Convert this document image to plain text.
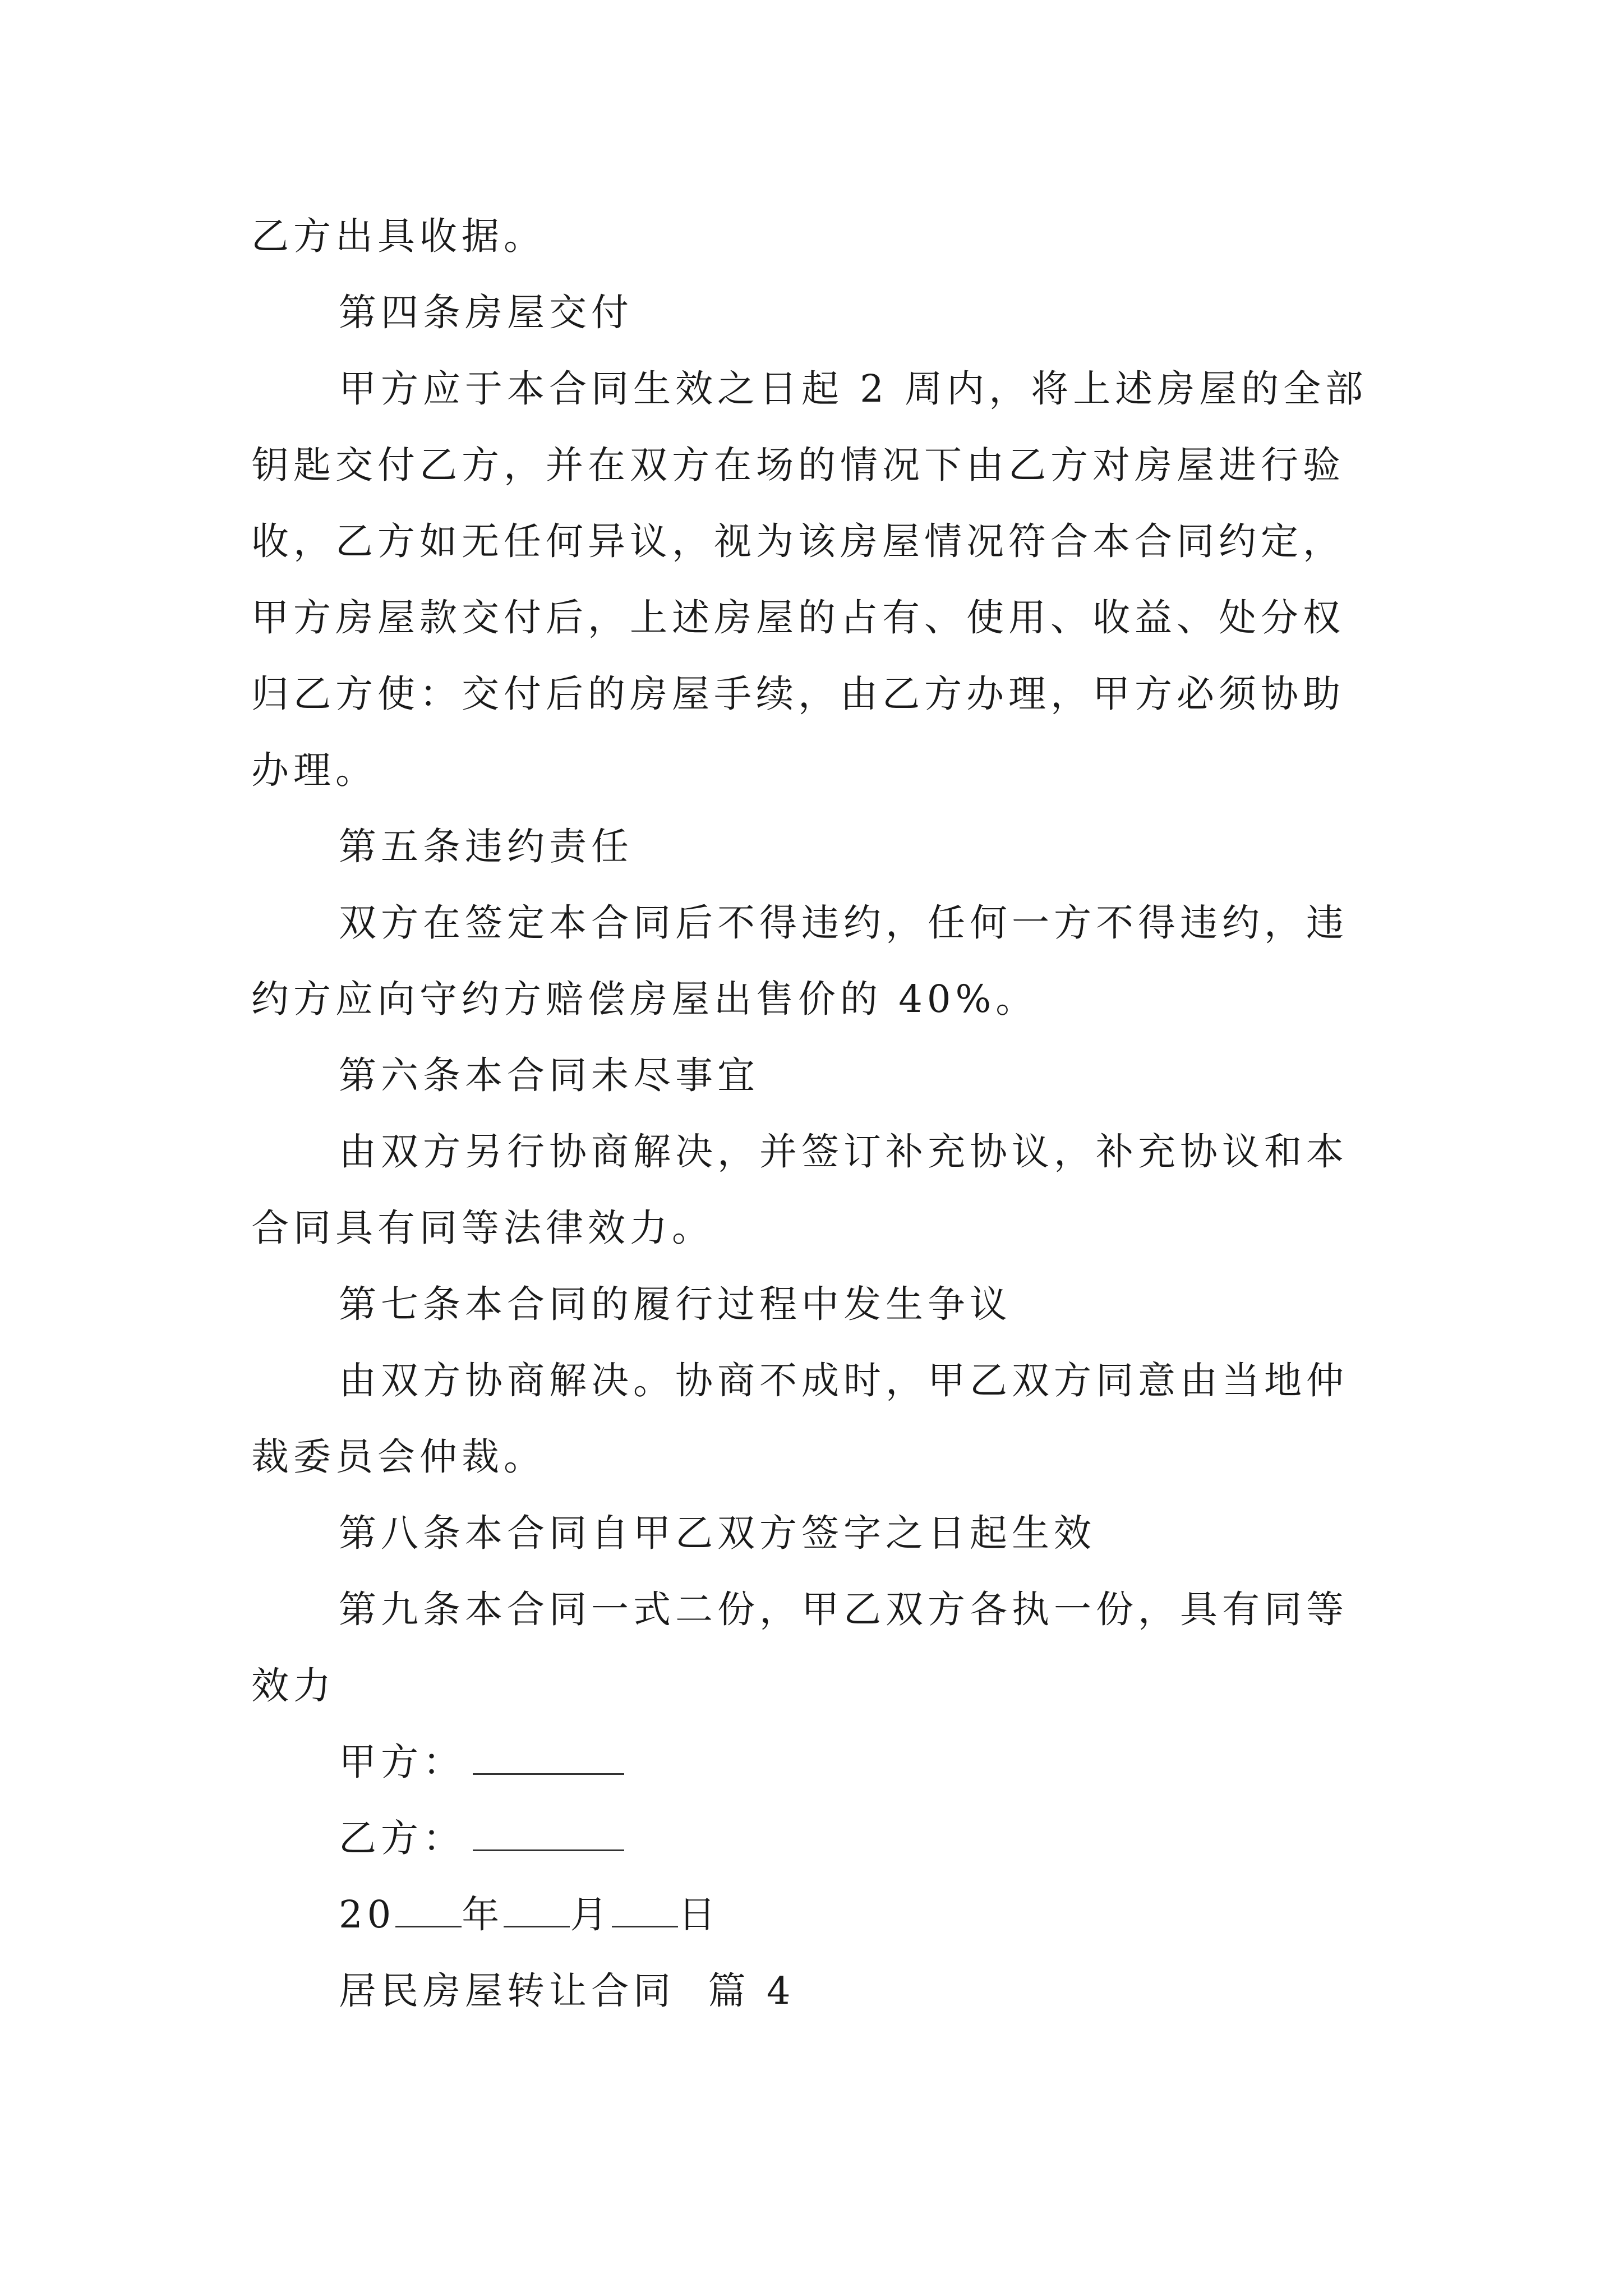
乙方出具收据。
第四条房屋交付
甲方应于本合同生效之日起 2 周内，将上述房屋的全部
钥匙交付乙方，并在双方在场的情况下由乙方对房屋进行验
收，乙方如无任何异议，视为该房屋情况符合本合同约定，
甲方房屋款交付后，上述房屋的占有、使用、收益、处分权
归乙方使：交付后的房屋手续，由乙方办理，甲方必须协助
办理。
第五条违约责任
双方在签定本合同后不得违约，任何一方不得违约，违
约方应向守约方赔偿房屋出售价的 40%。
第六条本合同未尽事宜
由双方另行协商解决，并签订补充协议，补充协议和本
合同具有同等法律效力。
第七条本合同的履行过程中发生争议
由双方协商解决。协商不成时，甲乙双方同意由当地仲
裁委员会仲裁。
第八条本合同自甲乙双方签字之日起生效
第九条本合同一式二份，甲乙双方各执一份，具有同等
效力
甲方：
乙方：
20 年 月 日
居民房屋转让合同  篇 4
